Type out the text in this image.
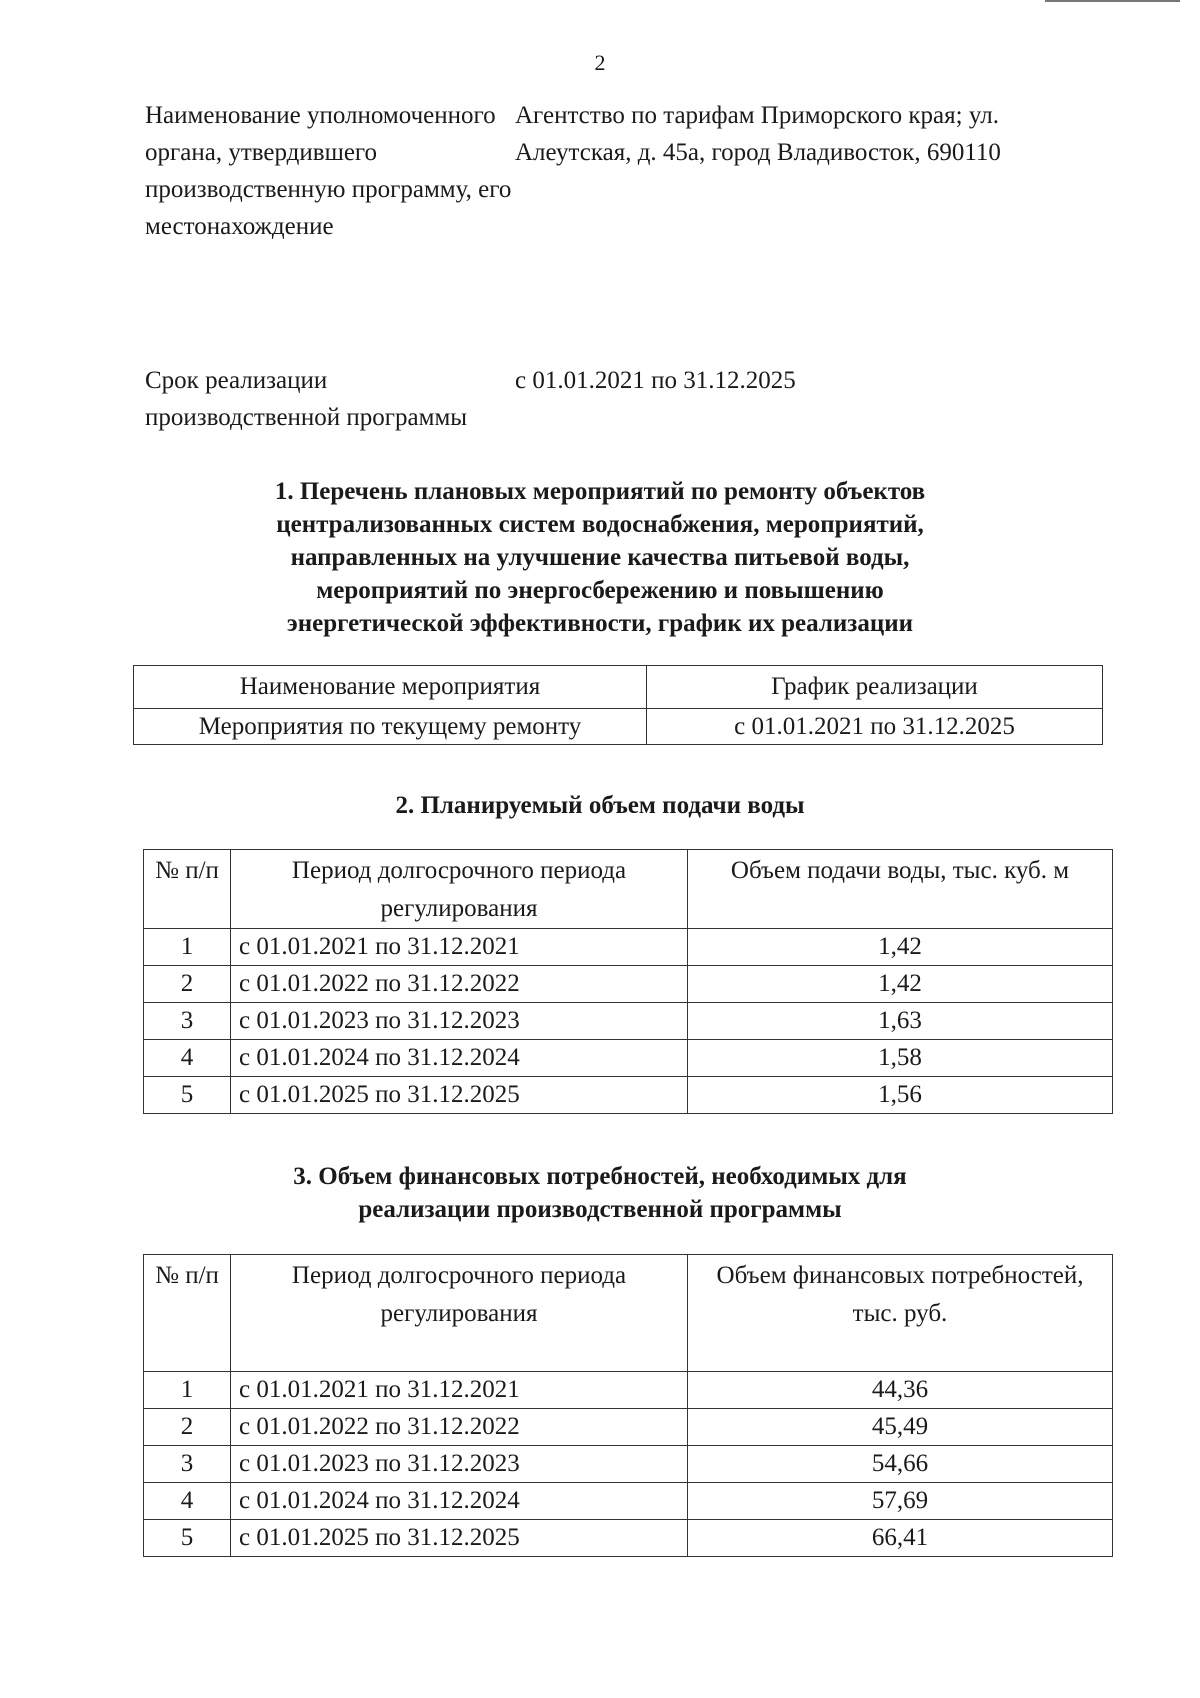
2
Наименование уполномоченного органа, утвердившего производственную программу, его местонахождение
Агентство по тарифам Приморского края; ул. Алеутская, д. 45а, город Владивосток, 690110
Срок реализации производственной программы
с 01.01.2021 по 31.12.2025
1. Перечень плановых мероприятий по ремонту объектов централизованных систем водоснабжения, мероприятий, направленных на улучшение качества питьевой воды, мероприятий по энергосбережению и повышению энергетической эффективности, график их реализации
Наименование мероприятия	График реализации
Мероприятия по текущему ремонту	с 01.01.2021 по 31.12.2025
2. Планируемый объем подачи воды
№ п/п	Период долгосрочного периода регулирования	Объем подачи воды, тыс. куб. м
1	с 01.01.2021 по 31.12.2021	1,42
2	с 01.01.2022 по 31.12.2022	1,42
3	с 01.01.2023 по 31.12.2023	1,63
4	с 01.01.2024 по 31.12.2024	1,58
5	с 01.01.2025 по 31.12.2025	1,56
3. Объем финансовых потребностей, необходимых для реализации производственной программы
№ п/п	Период долгосрочного периода регулирования	Объем финансовых потребностей, тыс. руб.
1	с 01.01.2021 по 31.12.2021	44,36
2	с 01.01.2022 по 31.12.2022	45,49
3	с 01.01.2023 по 31.12.2023	54,66
4	с 01.01.2024 по 31.12.2024	57,69
5	с 01.01.2025 по 31.12.2025	66,41
